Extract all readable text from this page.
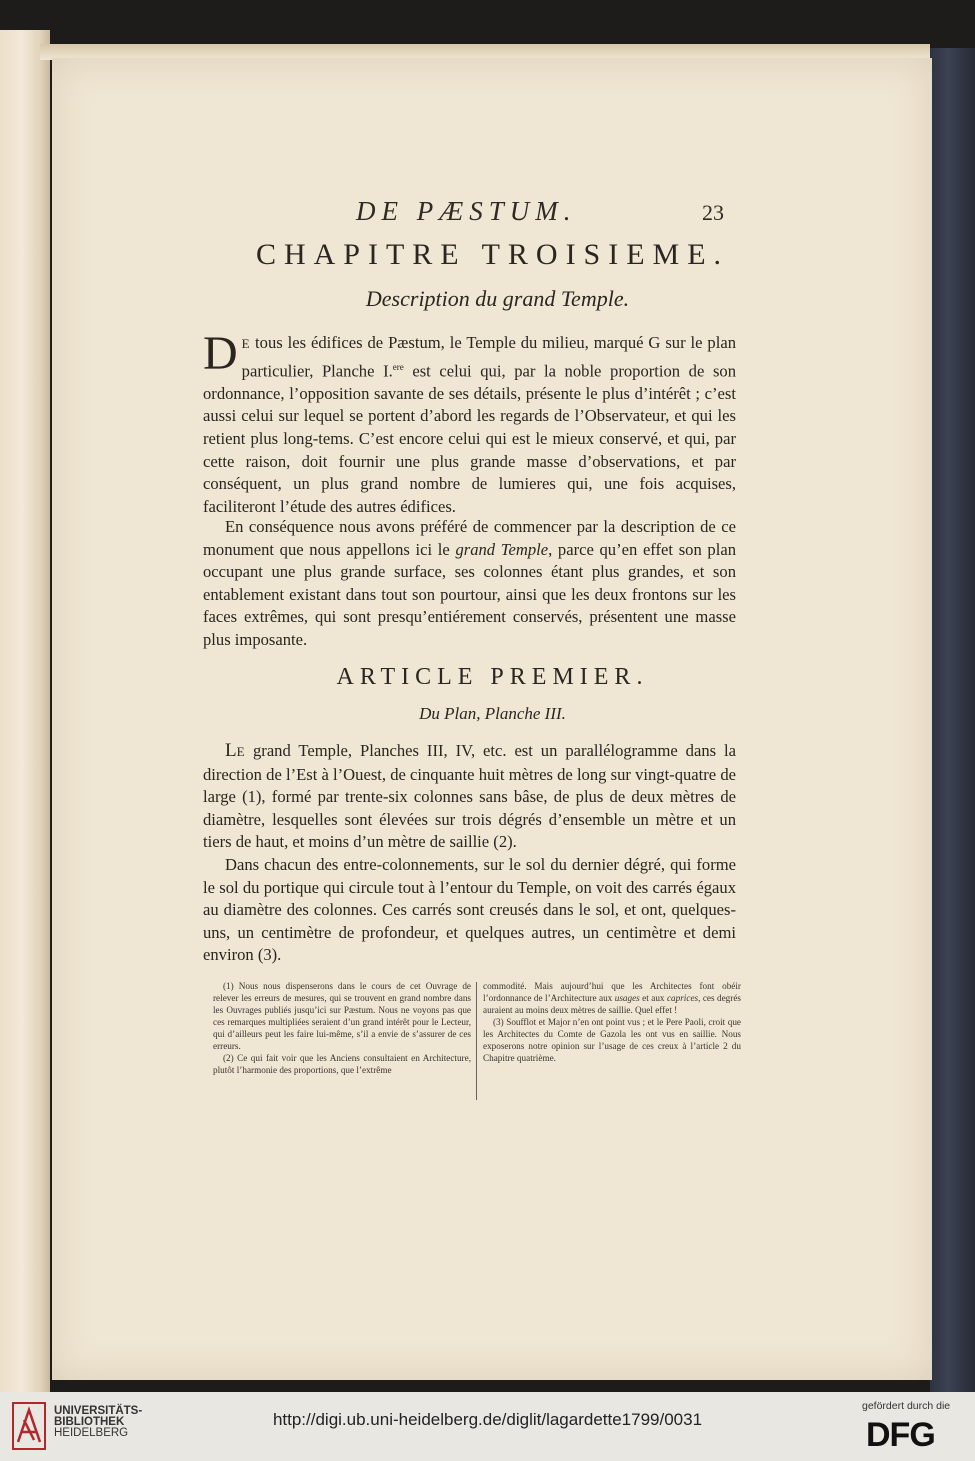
DE PÆSTUM.	23
CHAPITRE TROISIEME.
Description du grand Temple.
D E tous les édifices de Pæstum, le Temple du milieu, marqué G sur le plan particulier, Planche I.$^{ere}$ est celui qui, par la noble proportion de son ordonnance, l’opposition savante de ses détails, présente le plus d’intérêt ; c’est aussi celui sur lequel se portent d’abord les regards de l’Observateur, et qui les retient plus long-tems. C’est encore celui qui est le mieux conservé, et qui, par cette raison, doit fournir une plus grande masse d’observations, et par conséquent, un plus grand nombre de lumieres qui, une fois acquises, faciliteront l’étude des autres édifices.
En conséquence nous avons préféré de commencer par la description de ce monument que nous appellons ici le grand Temple, parce qu’en effet son plan occupant une plus grande surface, ses colonnes étant plus grandes, et son entablement existant dans tout son pourtour, ainsi que les deux frontons sur les faces extrêmes, qui sont presqu’entiérement conservés, présentent une masse plus imposante.
ARTICLE PREMIER.
Du Plan, Planche III.
LE grand Temple, Planches III, IV, etc. est un parallélogramme dans la direction de l’Est à l’Ouest, de cinquante huit mètres de long sur vingt-quatre de large (1), formé par trente-six colonnes sans bâse, de plus de deux mètres de diamètre, lesquelles sont élevées sur trois dégrés d’ensemble un mètre et un tiers de haut, et moins d’un mètre de saillie (2).
Dans chacun des entre-colonnements, sur le sol du dernier dégré, qui forme le sol du portique qui circule tout à l’entour du Temple, on voit des carrés égaux au diamètre des colonnes. Ces carrés sont creusés dans le sol, et ont, quelques-uns, un centimètre de profondeur, et quelques autres, un centimètre et demi environ (3).

(1) Nous nous dispenserons dans le cours de cet Ouvrage de relever les erreurs de mesures, qui se trouvent en grand nombre dans les Ouvrages publiés jusqu’ici sur Pæstum. Nous ne voyons pas que ces remarques multipliées seraient d’un grand intérêt pour le Lecteur, qui d’ailleurs peut les faire lui-même, s’il a envie de s’assurer de ces erreurs.

(2) Ce qui fait voir que les Anciens consultaient en Architecture, plutôt l’harmonie des proportions, que l’extrême

commodité. Mais aujourd’hui que les Architectes font obéir l’ordonnance de l’Architecture aux usages et aux caprices, ces degrés auraient au moins deux mètres de saillie. Quel effet !

(3) Soufflot et Major n’en ont point vus ; et le Pere Paoli, croit que les Architectes du Comte de Gazola les ont vus en saillie. Nous exposerons notre opinion sur l’usage de ces creux à l’article 2 du Chapitre quatrième.

UNIVERSITÄTS-
BIBLIOTHEK
HEIDELBERG
http://digi.ub.uni-heidelberg.de/diglit/lagardette1799/0031
gefördert durch die
DFG
